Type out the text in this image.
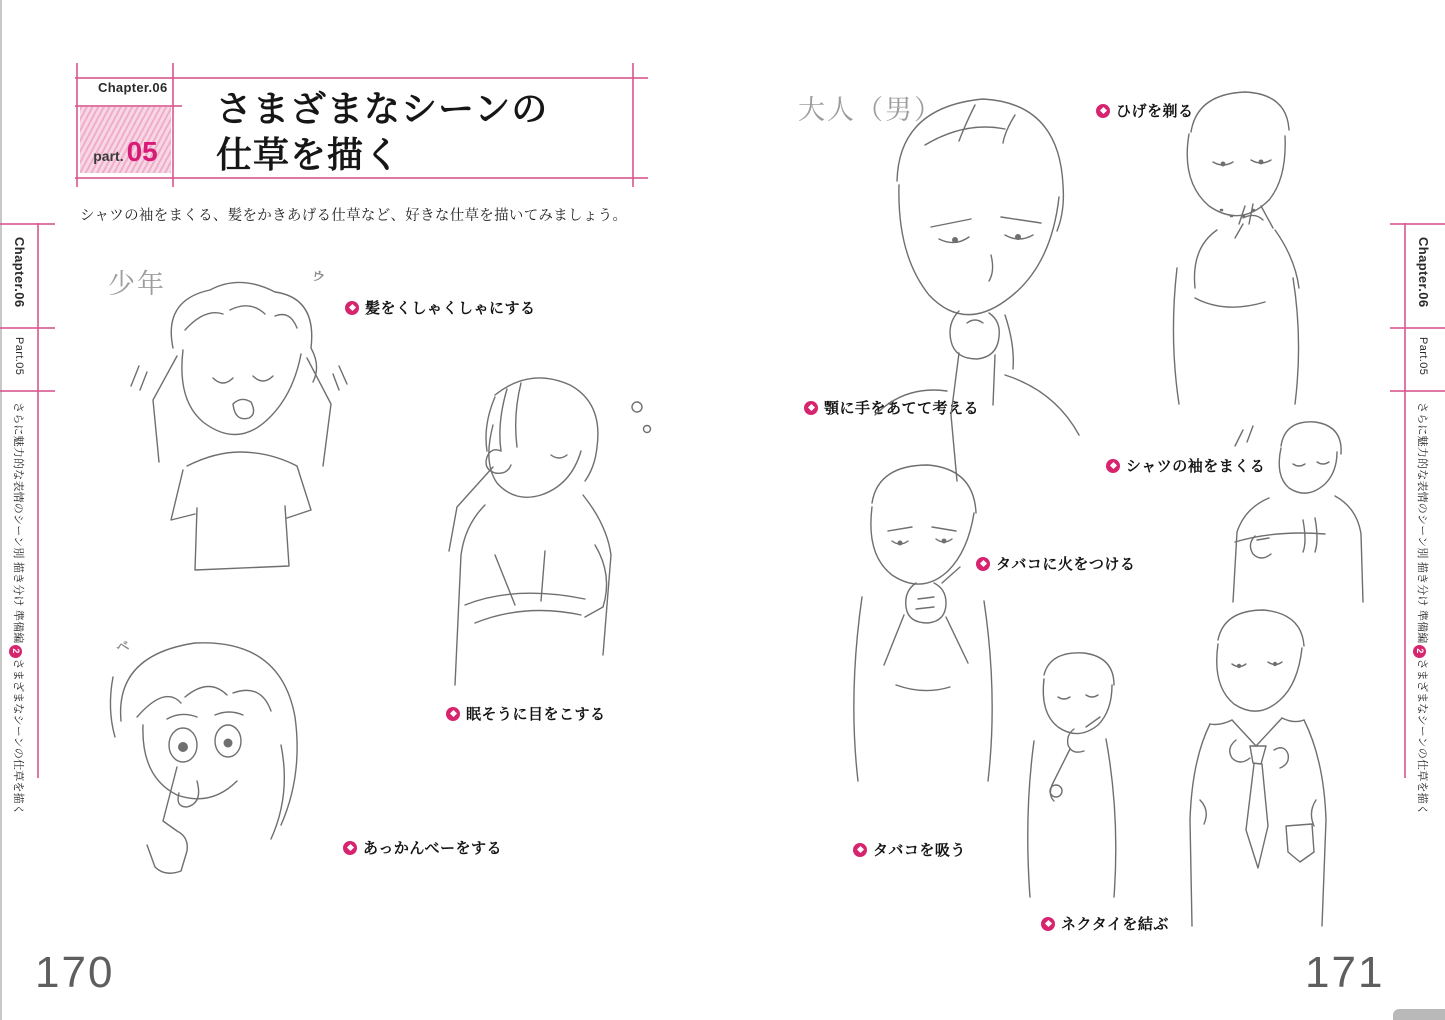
Chapter.06
part. 05
さまざまなシーンの
仕草を描く
シャツの袖をまくる、髪をかきあげる仕草など、好きな仕草を描いてみましょう。
少年
大人（男）
Chapter.06
Part.05
さらに魅力的な表情のシーン別 描き分け 準備編2さまざまなシーンの仕草を描く
Chapter.06
Part.05
さらに魅力的な表情のシーン別 描き分け 準備編2さまざまなシーンの仕草を描く
髪をくしゃくしゃにする
眠そうに目をこする
あっかんべーをする
ひげを剃る
顎に手をあてて考える
シャツの袖をまくる
タバコに火をつける
タバコを吸う
ネクタイを結ぶ
ウ
ベ
170	171
